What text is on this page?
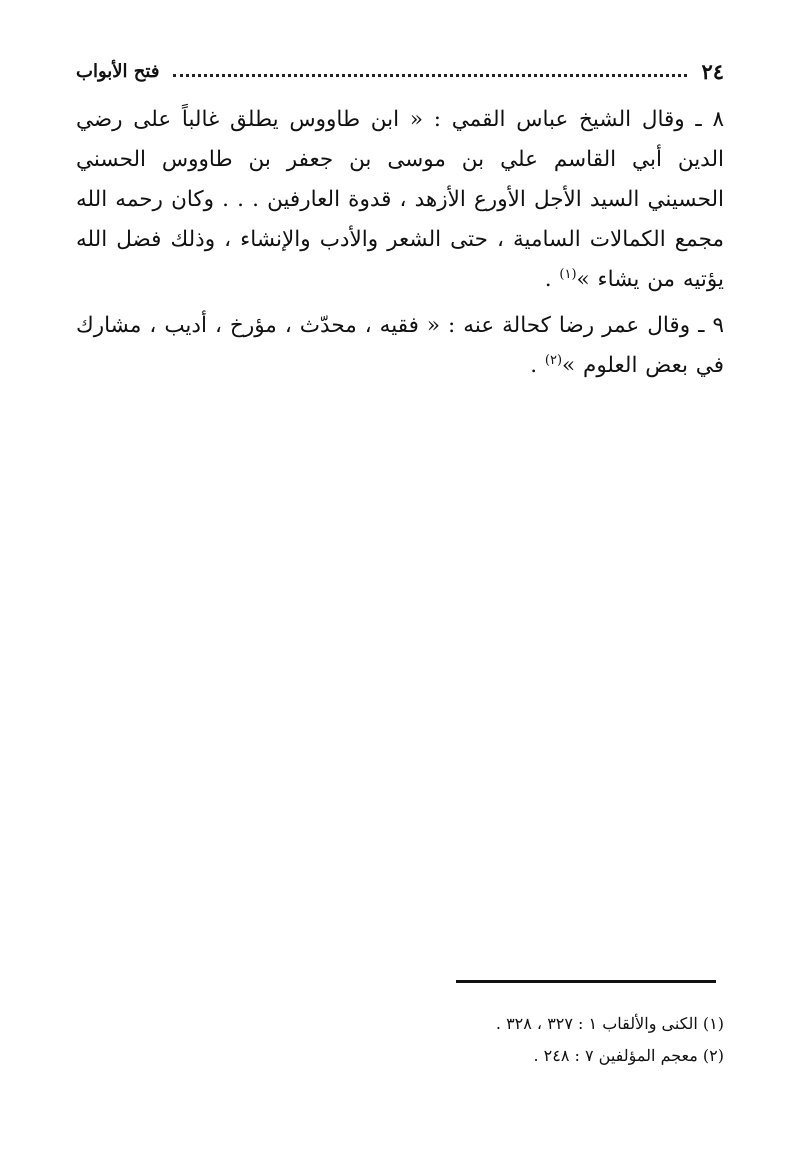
٢٤
فتح الأبواب

٨ ـ وقال الشيخ عباس القمي : « ابن طاووس يطلق غالباً على رضي الدين أبي القاسم علي بن موسى بن جعفر بن طاووس الحسني الحسيني السيد الأجل الأورع الأزهد ، قدوة العارفين . . . وكان رحمه الله مجمع الكمالات السامية ، حتى الشعر والأدب والإنشاء ، وذلك فضل الله يؤتيه من يشاء »$^{(١)}$ .

٩ ـ وقال عمر رضا كحالة عنه : « فقيه ، محدّث ، مؤرخ ، أديب ، مشارك في بعض العلوم »$^{(٢)}$ .

(١) الكنى والألقاب ١ : ٣٢٧ ، ٣٢٨ .

(٢) معجم المؤلفين ٧ : ٢٤٨ .
